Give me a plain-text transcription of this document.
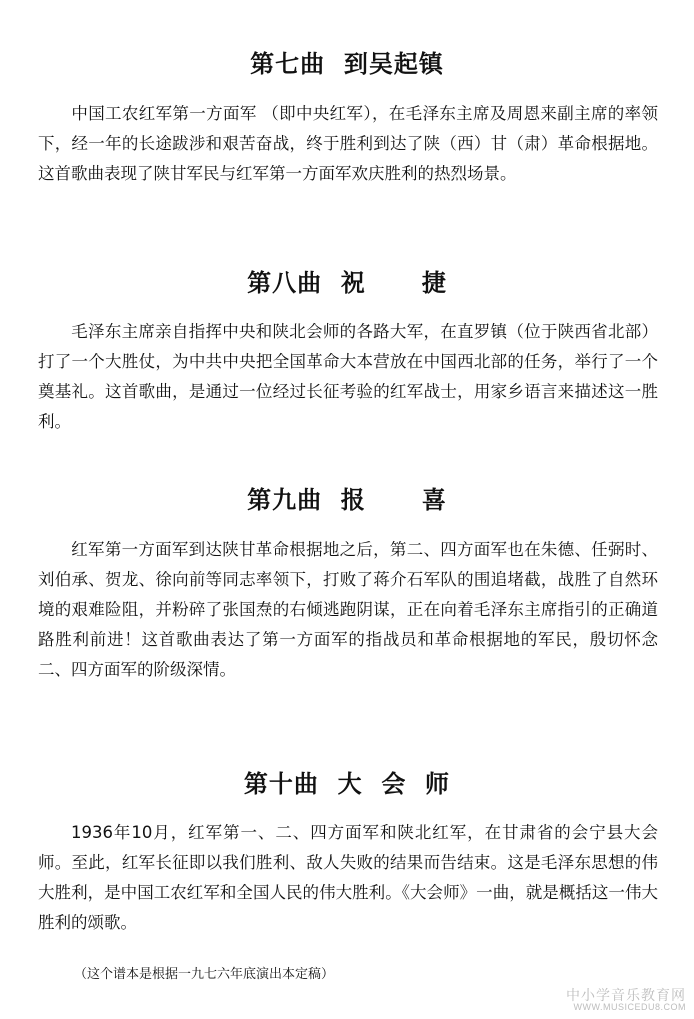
第七曲  到吴起镇
中国工农红军第一方面军 （即中央红军），在毛泽东主席及周恩来副主席的率领下，经一年的长途跋涉和艰苦奋战，终于胜利到达了陕（西）甘（肃）革命根据地。这首歌曲表现了陕甘军民与红军第一方面军欢庆胜利的热烈场景。
第八曲  祝      捷
毛泽东主席亲自指挥中央和陕北会师的各路大军，在直罗镇（位于陕西省北部）打了一个大胜仗，为中共中央把全国革命大本营放在中国西北部的任务，举行了一个奠基礼。这首歌曲，是通过一位经过长征考验的红军战士，用家乡语言来描述这一胜利。
第九曲  报      喜
红军第一方面军到达陕甘革命根据地之后，第二、四方面军也在朱德、任弼时、刘伯承、贺龙、徐向前等同志率领下，打败了蒋介石军队的围追堵截，战胜了自然环境的艰难险阻，并粉碎了张国焘的右倾逃跑阴谋，正在向着毛泽东主席指引的正确道路胜利前进！这首歌曲表达了第一方面军的指战员和革命根据地的军民，殷切怀念二、四方面军的阶级深情。
第十曲  大  会  师
1936年10月，红军第一、二、四方面军和陕北红军，在甘肃省的会宁县大会师。至此，红军长征即以我们胜利、敌人失败的结果而告结束。这是毛泽东思想的伟大胜利，是中国工农红军和全国人民的伟大胜利。《大会师》一曲，就是概括这一伟大胜利的颂歌。
（这个谱本是根据一九七六年底演出本定稿）
中小学音乐教育网
WWW.MUSICEDU8.COM
